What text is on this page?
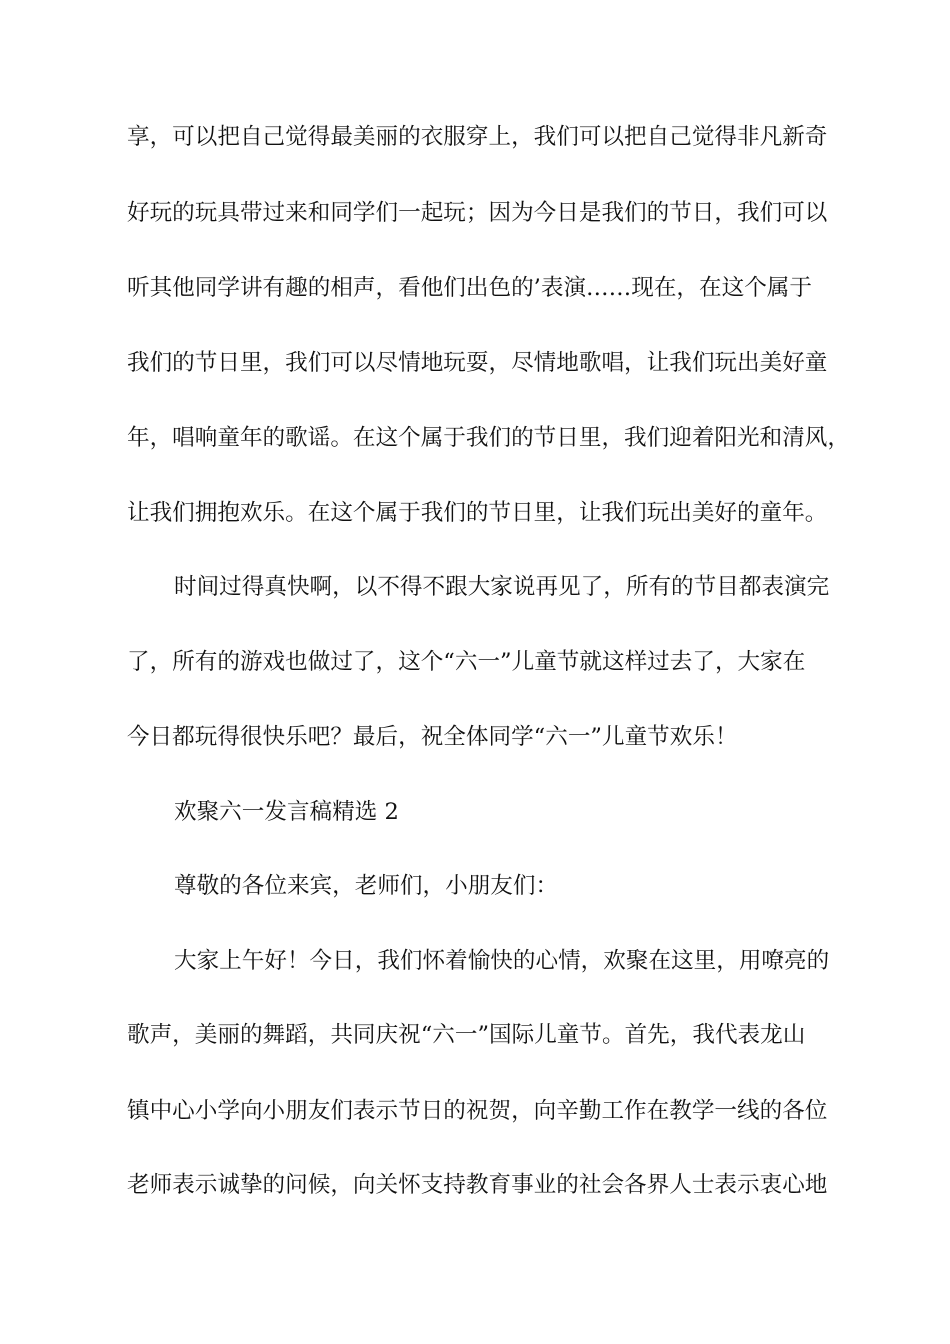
享，可以把自己觉得最美丽的衣服穿上，我们可以把自己觉得非凡新奇

好玩的玩具带过来和同学们一起玩；因为今日是我们的节日，我们可以

听其他同学讲有趣的相声，看他们出色的’表演……现在，在这个属于

我们的节日里，我们可以尽情地玩耍，尽情地歌唱，让我们玩出美好童

年，唱响童年的歌谣。在这个属于我们的节日里，我们迎着阳光和清风，

让我们拥抱欢乐。在这个属于我们的节日里，让我们玩出美好的童年。

时间过得真快啊，以不得不跟大家说再见了，所有的节目都表演完

了，所有的游戏也做过了，这个“六一”儿童节就这样过去了，大家在

今日都玩得很快乐吧？最后，祝全体同学“六一”儿童节欢乐！

欢聚六一发言稿精选 2

尊敬的各位来宾，老师们，小朋友们：

大家上午好！今日，我们怀着愉快的心情，欢聚在这里，用嘹亮的

歌声，美丽的舞蹈，共同庆祝“六一”国际儿童节。首先，我代表龙山

镇中心小学向小朋友们表示节日的祝贺，向辛勤工作在教学一线的各位

老师表示诚挚的问候，向关怀支持教育事业的社会各界人士表示衷心地
